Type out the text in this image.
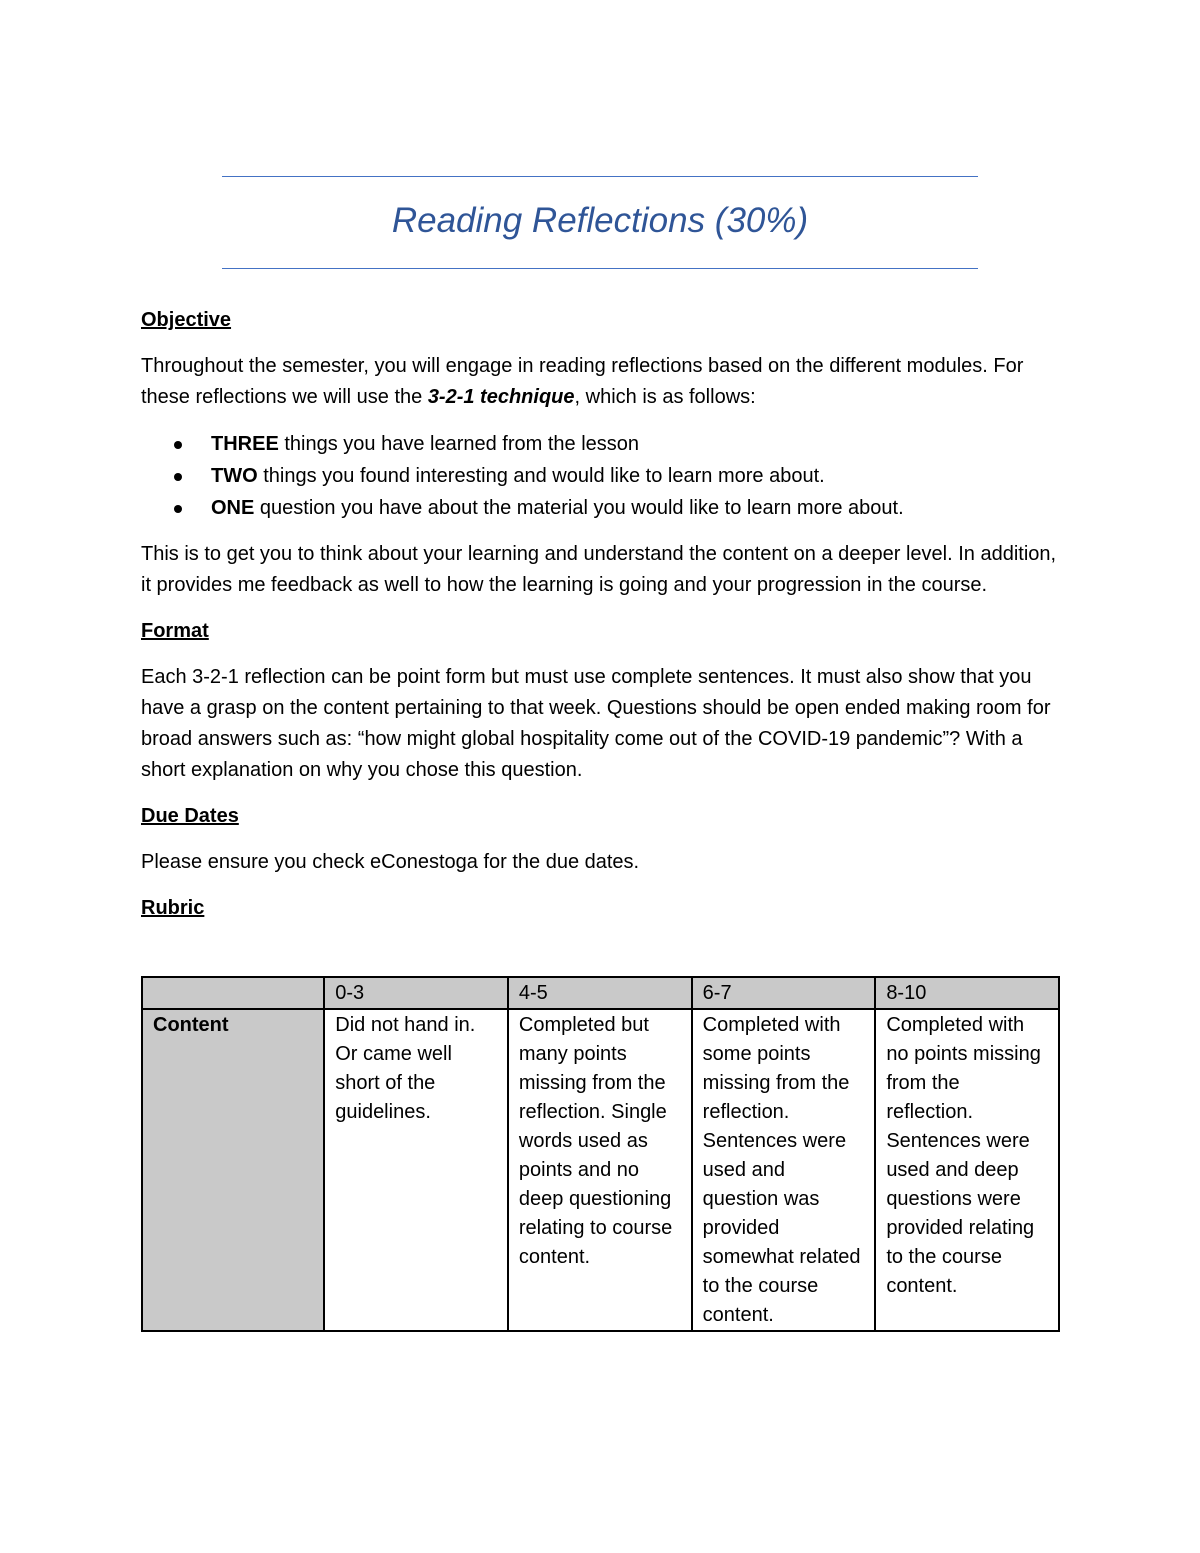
Reading Reflections (30%)
Objective
Throughout the semester, you will engage in reading reflections based on the different modules. For these reflections we will use the 3-2-1 technique, which is as follows:
THREE things you have learned from the lesson
TWO things you found interesting and would like to learn more about.
ONE question you have about the material you would like to learn more about.
This is to get you to think about your learning and understand the content on a deeper level. In addition, it provides me feedback as well to how the learning is going and your progression in the course.
Format
Each 3-2-1 reflection can be point form but must use complete sentences. It must also show that you have a grasp on the content pertaining to that week. Questions should be open ended making room for broad answers such as: “how might global hospitality come out of the COVID-19 pandemic”? With a short explanation on why you chose this question.
Due Dates
Please ensure you check eConestoga for the due dates.
Rubric
	0-3	4-5	6-7	8-10
Content	Did not hand in. Or came well short of the guidelines.	Completed but many points missing from the reflection. Single words used as points and no deep questioning relating to course content.	Completed with some points missing from the reflection. Sentences were used and question was provided somewhat related to the course content.	Completed with no points missing from the reflection. Sentences were used and deep questions were provided relating to the course content.
